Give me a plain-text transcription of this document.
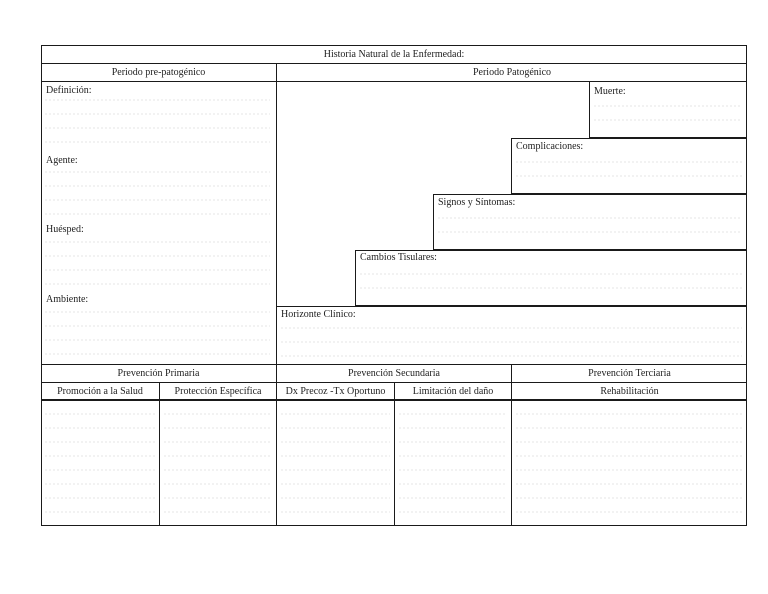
Historia Natural de la Enfermedad:
Periodo pre-patogénico	Periodo Patogénico
Definición:
Agente:
Huésped:
Ambiente:
Muerte:
Complicaciones:
Signos y Síntomas:
Cambios Tisulares:
Horizonte Clínico:
Prevención Primaria	Prevención Secundaria	Prevención Terciaria
Promoción a la Salud	Protección Específica	Dx Precoz -Tx Oportuno	Limitación del daño	Rehabilitación
